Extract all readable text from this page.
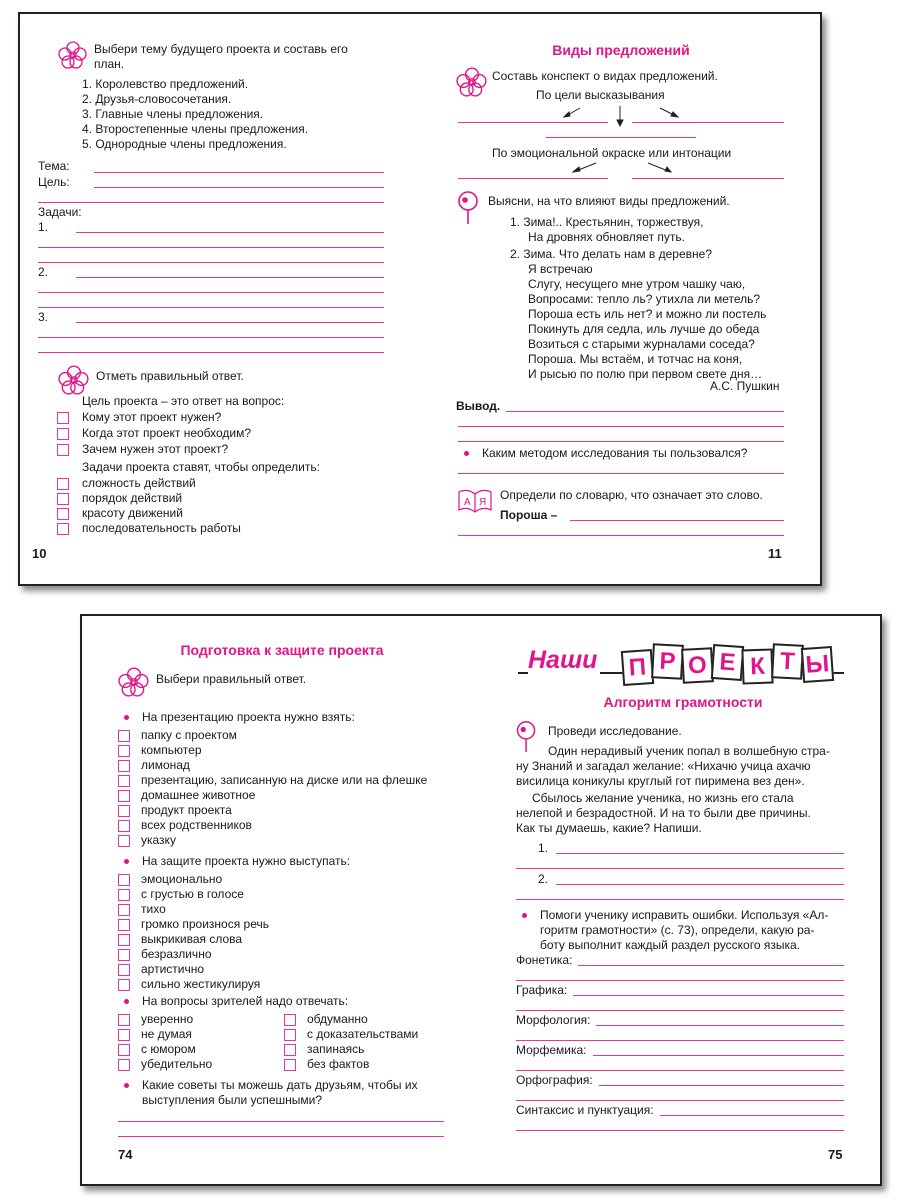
Выбери тему будущего проекта и составь его
план.
1. Королевство предложений.
2. Друзья-словосочетания.
3. Главные члены предложения.
4. Второстепенные члены предложения.
5. Однородные члены предложения.
Тема:
Цель:
Задачи:
1.
2.
3.
Отметь правильный ответ.
Цель проекта – это ответ на вопрос:
Кому этот проект нужен?
Когда этот проект необходим?
Зачем нужен этот проект?
Задачи проекта ставят, чтобы определить:
сложность действий
порядок действий
красоту движений
последовательность работы
10
Виды предложений
Составь конспект о видах предложений.
По цели высказывания
По эмоциональной окраске или интонации
Выясни, на что влияют виды предложений.
1. Зима!.. Крестьянин, торжествуя,
На дровнях обновляет путь.
2. Зима. Что делать нам в деревне?
Я встречаю
Слугу, несущего мне утром чашку чаю,
Вопросами: тепло ль? утихла ли метель?
Пороша есть иль нет? и можно ли постель
Покинуть для седла, иль лучше до обеда
Возиться с старыми журналами соседа?
Пороша. Мы встаём, и тотчас на коня,
И рысью по полю при первом свете дня…
А.С. Пушкин
Вывод.
Каким методом исследования ты пользовался?
А Я
Определи по словарю, что означает это слово.
Пороша –
11
Подготовка к защите проекта
Выбери правильный ответ.
На презентацию проекта нужно взять:
На защите проекта нужно выступать:
На вопросы зрителей надо отвечать:
Какие советы ты можешь дать друзьям, чтобы их
выступления были успешными?
74
Наши
Алгоритм грамотности
Проведи исследование.
Один нерадивый ученик попал в волшебную стра-
ну Знаний и загадал желание: «Нихачю учица ахачю
висилица коникулы круглый гот пиримена вез ден».
Сбылось желание ученика, но жизнь его стала
нелепой и безрадостной. И на то были две причины.
Как ты думаешь, какие? Напиши.
1.
2.
Помоги ученику исправить ошибки. Используя «Ал-
горитм грамотности» (с. 73), определи, какую ра-
боту выполнит каждый раздел русского языка.
75
папку с проектом
компьютер
лимонад
презентацию, записанную на диске или на флешке
домашнее животное
продукт проекта
всех родственников
указку
эмоционально
с грустью в голосе
тихо
громко произнося речь
выкрикивая слова
безразлично
артистично
сильно жестикулируя
уверенно
не думая
с юмором
убедительно
обдуманно
с доказательствами
запинаясь
без фактов
П Р О Е К Т Ы
Фонетика:
Графика:
Морфология:
Морфемика:
Орфография:
Синтаксис и пунктуация:
